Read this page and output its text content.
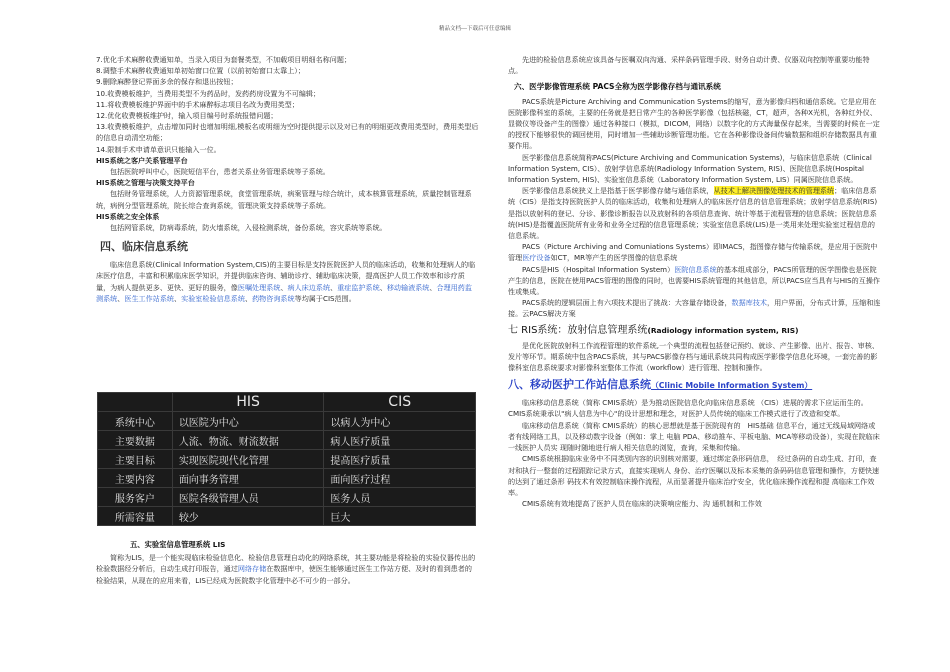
精品文档---下载后可任意编辑

7.优化手术麻醉收费通知单，当录入项目为套餐类型，不加载项目明细名称问题；

8.调整手术麻醉收费通知单初始窗口位置（以前初始窗口太靠上）；

9.删除麻醉登记界面多余的保存和退出按钮；

10.收费模板维护，当费用类型不为药品时，发药药房设置为不可编辑；

11.将收费模板维护界面中的手术麻醉标志项目名改为费用类型；

12.优化收费模板维护时，输入项目编号时系统报错问题；

13.收费模板维护，点击增加同时也增加明细,模板名或明细为空时提供提示以及对已有的明细更改费用类型时，费用类型后的信息自动清空功能；

14.限制手术申请单意识只能输入一位。

HIS系统之客户关系管理平台

包括医院呼叫中心，医院短信平台，患者关系业务管理系统等子系统。

HIS系统之管理与决策支持平台

包括财务管理系统，人力资源管理系统，食堂管理系统，病案管理与综合统计，成本核算管理系统，质量控制管理系统，病例分型管理系统，院长综合查询系统，管理决策支持系统等子系统。

HIS系统之安全体系

包括网管系统，防病毒系统，防火墙系统，入侵检测系统，备份系统，容灾系统等系统。

四、临床信息系统

临床信息系统(Clinical Information System,CIS)的主要目标是支持医院医护人员的临床活动，收集和处理病人的临床医疗信息，丰富和积累临床医学知识，并提供临床咨询、辅助诊疗、辅助临床决策，提高医护人员工作效率和诊疗质量，为病人提供更多、更快、更好的服务，像医嘱处理系统、病人床边系统、重症监护系统、移动输液系统、合理用药监测系统、医生工作站系统、实验室检验信息系统、药物咨询系统等均属于CIS范围。

	HIS	CIS
系统中心	以医院为中心	以病人为中心
主要数据	人流、物流、财流数据	病人医疗质量
主要目标	实现医院现代化管理	提高医疗质量
主要内容	面向事务管理	面向医疗过程
服务客户	医院各级管理人员	医务人员
所需容量	较少	巨大

五、实验室信息管理系统 LIS

简称为LIS，是一个能实现临床检验信息化、检验信息管理自动化的网络系统，其主要功能是将检验的实验仪器传出的检验数据经分析后，自动生成打印报告，通过网络存储在数据库中，使医生能够通过医生工作站方便、及时的看到患者的检验结果，从现在的应用来看，LIS已经成为医院数字化管理中必不可少的一部分。

先进的检验信息系统应该具备与医嘱双向沟通、采样条码管理手段、财务自动计费、仪器双向控制等重要功能特点。

六、医学影像管理系统 PACS全称为医学影像存档与通讯系统

PACS系统是Picture Archiving and Communication Systems的缩写，意为影像归档和通信系统。它是应用在医院影像科室的系统，主要的任务就是把日常产生的各种医学影像（包括核磁，CT，超声，各种X光机，各种红外仪、显微仪等设备产生的图像）通过各种接口（模拟，DICOM，网络）以数字化的方式海量保存起来，当需要的时候在一定的授权下能够很快的调回使用，同时增加一些辅助诊断管理功能。它在各种影像设备间传输数据和组织存储数据具有重要作用。

医学影像信息系统简称PACS(Picture Archiving and Communication Systems)，与临床信息系统（Clinical Information System, CIS）、放射学信息系统(Radiology Information System, RIS)、医院信息系统(Hospital Information System, HIS)、实验室信息系统（Laboratory Information System, LIS）同属医院信息系统。

医学影像信息系统狭义上是指基于医学影像存储与通信系统，从技术上解决图像处理技术的管理系统；临床信息系统（CIS）是指支持医院医护人员的临床活动，收集和处理病人的临床医疗信息的信息管理系统；放射学信息系统(RIS)是指以放射科的登记、分诊、影像诊断报告以及放射科的各项信息查询、统计等基于流程管理的信息系统；医院信息系统(HIS)是指覆盖医院所有业务和业务全过程的信息管理系统；实验室信息系统(LIS)是一类用来处理实验室过程信息的信息系统。

PACS（Picture Archiving and Comuniations Systems）即IMACS，指图像存储与传输系统，是应用于医院中管理医疗设备如CT，MR等产生的医学图像的信息系统

PACS是HIS（Hospital Information System）医院信息系统的基本组成部分，PACS所管理的医学图像也是医院产生的信息，医院在使用PACS管理的图像的同时，也需要HIS系统管理的其他信息，所以PACS应当具有与HIS的互操作性或集成。

PACS系统的逻辑层面上有六项技术提出了挑战：大容量存储设备，数据库技术，用户界面，分布式计算，压缩和连接。云PACS解决方案

七 RIS系统：放射信息管理系统(Radiology information system, RIS)

是优化医院放射科工作流程管理的软件系统,一个典型的流程包括登记预约、就诊、产生影像、出片、报告、审核、发片等环节。期系统中包含PACS系统，其与PACS影像存档与通讯系统共同构成医学影像学信息化环境，一套完善的影像科室信息系统要求对影像科室整体工作流（workflow）进行管理、控制和操作。

八、移动医护工作站信息系统（Clinic Mobile Information System）

临床移动信息系统（简称 CMIS系统）是为推动医院信息化向临床信息系统 （CIS）进展的需求下应运而生的。CMIS系统秉承以"病人信息为中心"的设计思想和理念，对医护人员传统的临床工作模式进行了改造和变革。

临床移动信息系统（简称 CMIS系统）的核心思想就是基于医院现有的　HIS基础 信息平台，通过无线局域网络或者有线网络工具，以及移动数字设备（例如：掌上 电脑 PDA、移动推车、平板电脑、MCA等移动设备），实现在院临床一线医护人员实 现随时随地进行病人相关信息的浏览，查询，采集和传输。

CMIS系统根据临床业务中不同类别内容的识别核对需要，通过绑定条形码信息，　经过条码的自动生成、打印，查对和执行一整套的过程跟踪记录方式，直接实现病人 身份、治疗医嘱以及标本采集的条码码信息管理和操作，方便快速的达到了通过条形 码技术有效控制临床操作流程，从而显著提升临床治疗安全，优化临床操作流程和提 高临床工作效率。

CMIS系统有效地提高了医护人员在临床的决策响应能力、沟 通机制和工作效
